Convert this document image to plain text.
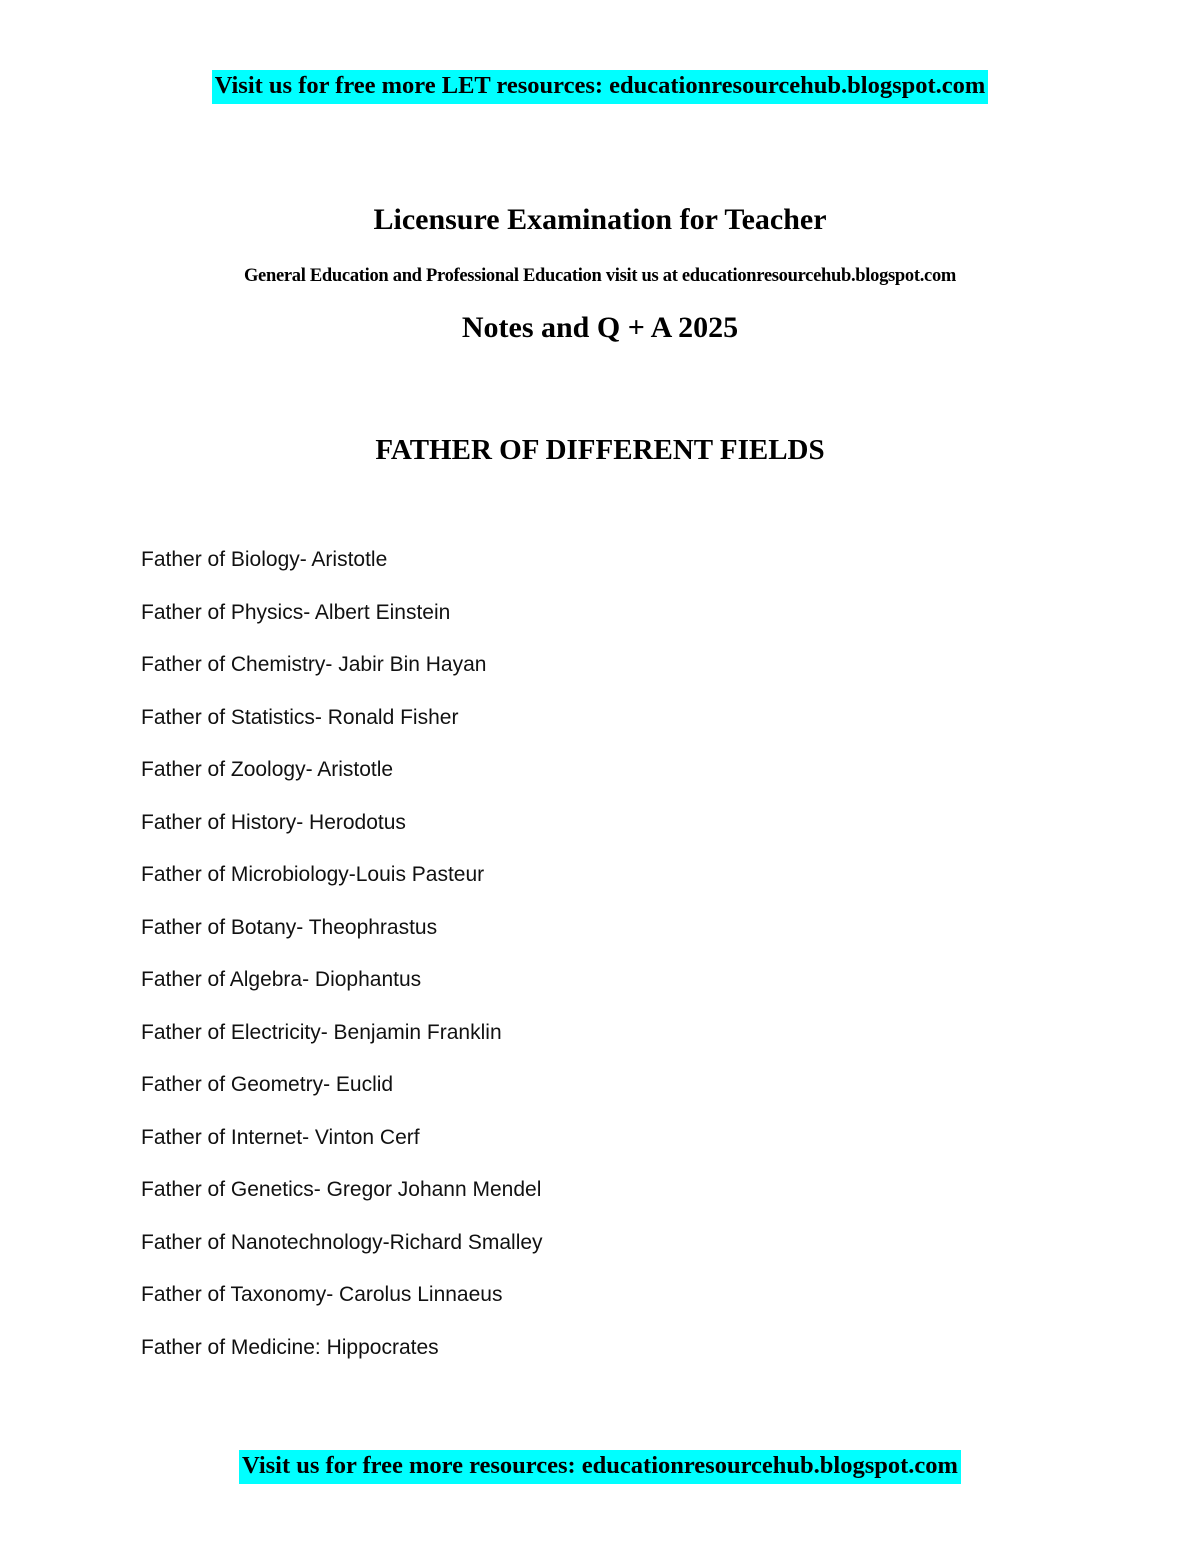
Visit us for free more LET resources: educationresourcehub.blogspot.com
Licensure Examination for Teacher
General Education and Professional Education visit us at educationresourcehub.blogspot.com
Notes and Q + A 2025
FATHER OF DIFFERENT FIELDS
Father of Biology- Aristotle
Father of Physics- Albert Einstein
Father of Chemistry- Jabir Bin Hayan
Father of Statistics- Ronald Fisher
Father of Zoology- Aristotle
Father of History- Herodotus
Father of Microbiology-Louis Pasteur
Father of Botany- Theophrastus
Father of Algebra- Diophantus
Father of Electricity- Benjamin Franklin
Father of Geometry- Euclid
Father of Internet- Vinton Cerf
Father of Genetics- Gregor Johann Mendel
Father of Nanotechnology-Richard Smalley
Father of Taxonomy- Carolus Linnaeus
Father of Medicine: Hippocrates
Visit us for free more resources: educationresourcehub.blogspot.com
